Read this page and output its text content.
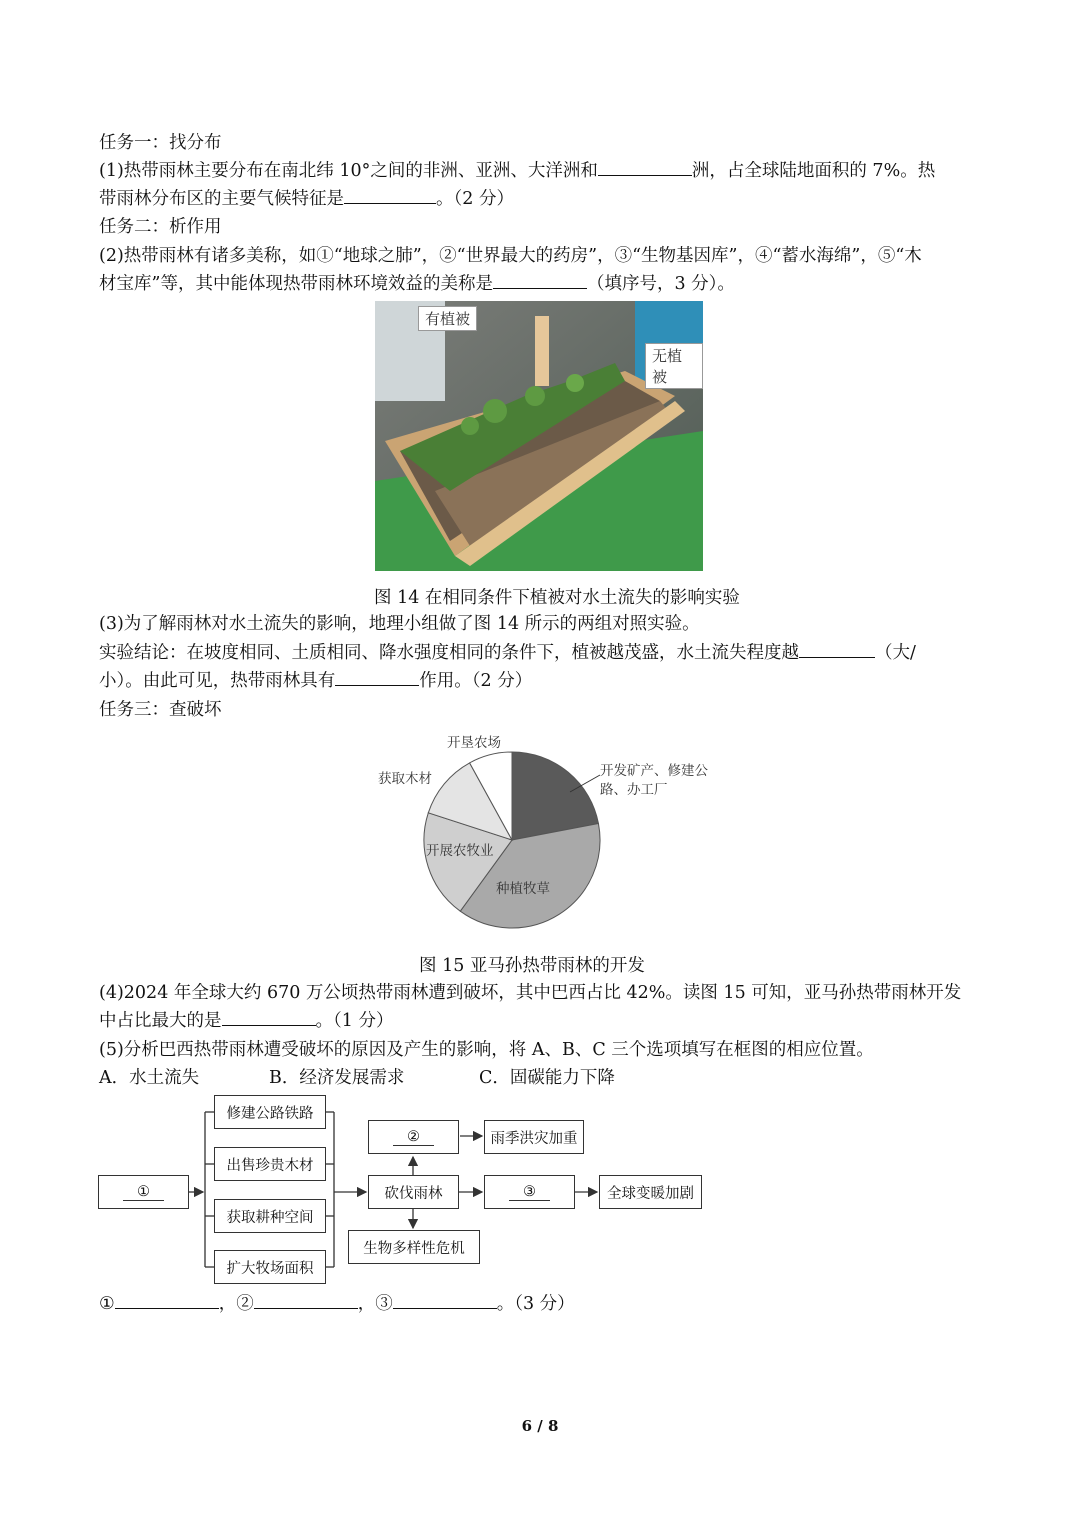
任务一：找分布
(1)热带雨林主要分布在南北纬 10°之间的非洲、亚洲、大洋洲和	洲，占全球陆地面积的 7%。热
带雨林分布区的主要气候特征是	。（2 分）
任务二：析作用
(2)热带雨林有诸多美称，如①“地球之肺”，②“世界最大的药房”，③“生物基因库”，④“蓄水海绵”，⑤“木
材宝库”等，其中能体现热带雨林环境效益的美称是	（填序号，3 分）。
有植被
无植被
图 14 在相同条件下植被对水土流失的影响实验
(3)为了解雨林对水土流失的影响，地理小组做了图 14 所示的两组对照实验。
实验结论：在坡度相同、土质相同、降水强度相同的条件下，植被越茂盛，水土流失程度越	（大/
小）。由此可见，热带雨林具有	作用。（2 分）
任务三：查破坏
开垦农场
获取木材	开发矿产、修建公路、办工厂
开展农牧业
种植牧草
图 15 亚马孙热带雨林的开发
(4)2024 年全球大约 670 万公顷热带雨林遭到破坏，其中巴西占比 42%。读图 15 可知，亚马孙热带雨林开发
中占比最大的是	。（1 分）
(5)分析巴西热带雨林遭受破坏的原因及产生的影响，将 A、B、C 三个选项填写在框图的相应位置。
A．水土流失	B．经济发展需求	C．固碳能力下降
①
修建公路铁路
出售珍贵木材
获取耕种空间
扩大牧场面积
砍伐雨林
②	雨季洪灾加重
③	全球变暖加剧
生物多样性危机
①	，②	，③	。（3 分）
6 / 8
